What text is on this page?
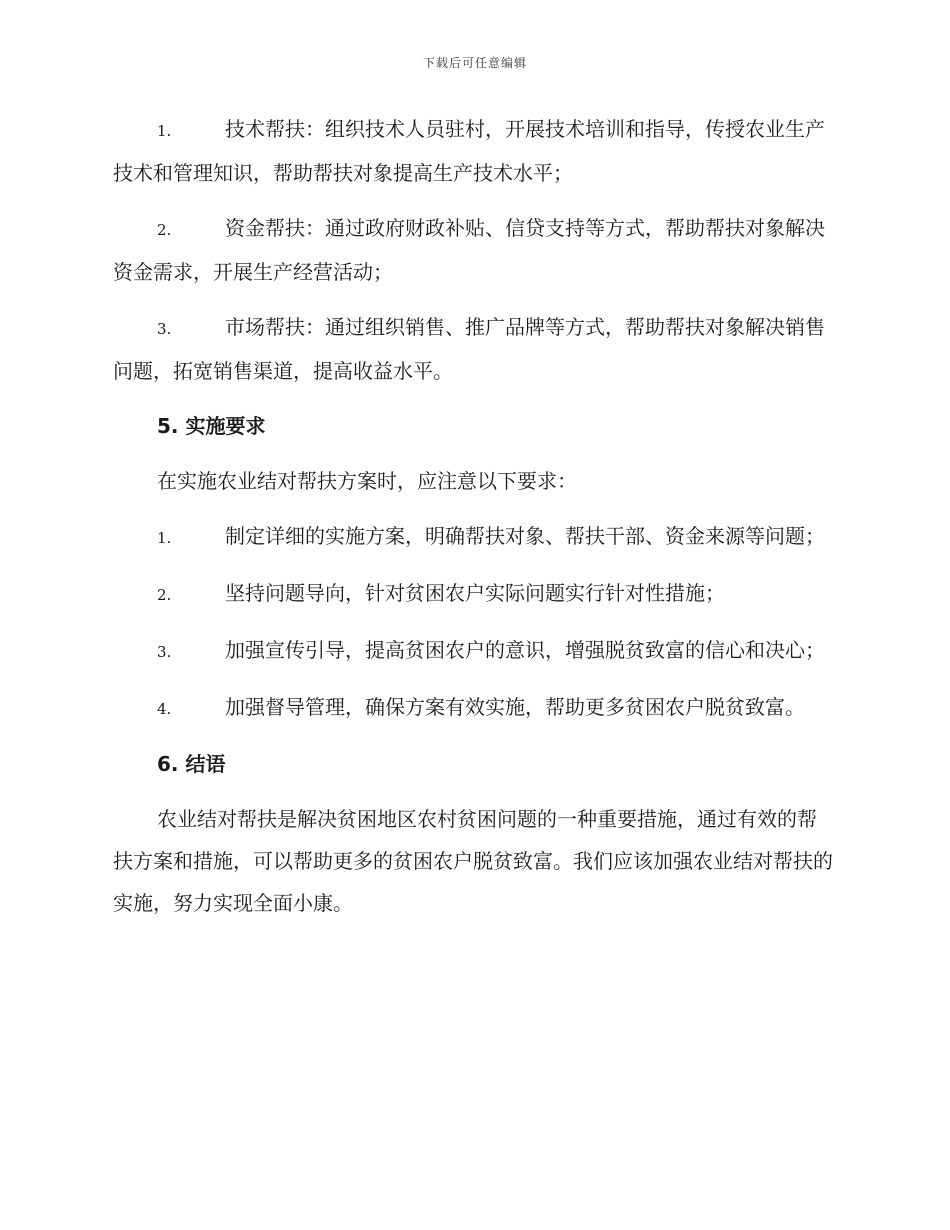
下载后可任意编辑
1.	技术帮扶：组织技术人员驻村，开展技术培训和指导，传授农业生产技术和管理知识，帮助帮扶对象提高生产技术水平；
2.	资金帮扶：通过政府财政补贴、信贷支持等方式，帮助帮扶对象解决资金需求，开展生产经营活动；
3.	市场帮扶：通过组织销售、推广品牌等方式，帮助帮扶对象解决销售问题，拓宽销售渠道，提高收益水平。
5. 实施要求
在实施农业结对帮扶方案时，应注意以下要求：
1.	制定详细的实施方案，明确帮扶对象、帮扶干部、资金来源等问题；
2.	坚持问题导向，针对贫困农户实际问题实行针对性措施；
3.	加强宣传引导，提高贫困农户的意识，增强脱贫致富的信心和决心；
4.	加强督导管理，确保方案有效实施，帮助更多贫困农户脱贫致富。
6. 结语
农业结对帮扶是解决贫困地区农村贫困问题的一种重要措施，通过有效的帮扶方案和措施，可以帮助更多的贫困农户脱贫致富。我们应该加强农业结对帮扶的实施，努力实现全面小康。
